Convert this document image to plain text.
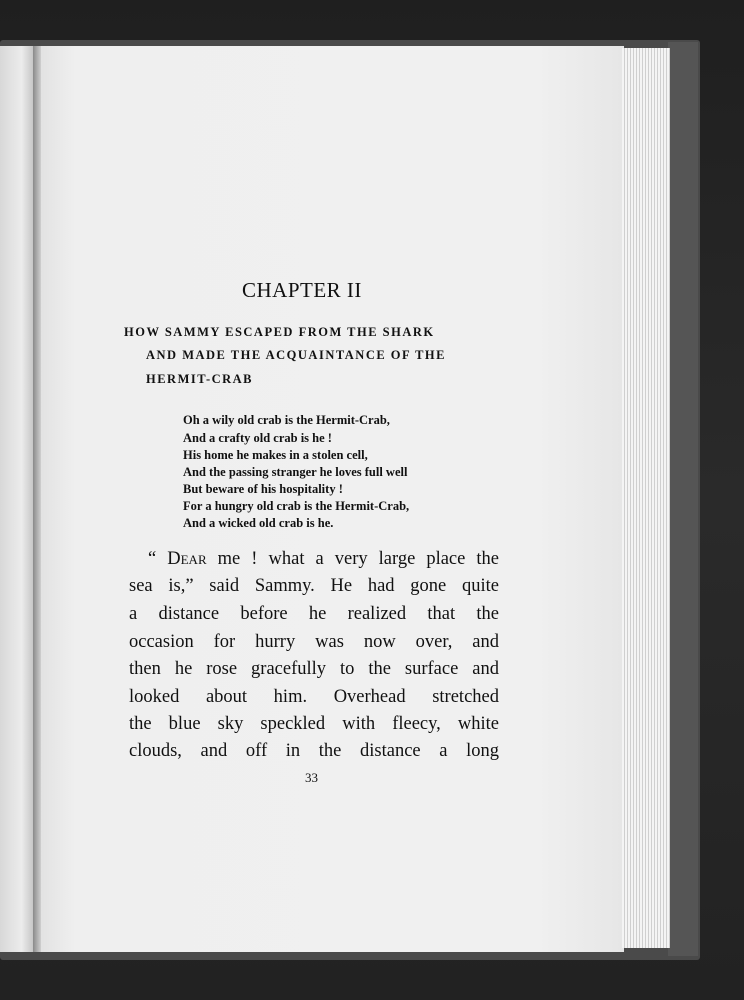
CHAPTER II
HOW SAMMY ESCAPED FROM THE SHARK
AND MADE THE ACQUAINTANCE OF THE
HERMIT-CRAB
Oh a wily old crab is the Hermit-Crab,
And a crafty old crab is he !
His home he makes in a stolen cell,
And the passing stranger he loves full well
But beware of his hospitality !
For a hungry old crab is the Hermit-Crab,
And a wicked old crab is he.
“ Dear me ! what a very large place the
sea is,” said Sammy. He had gone quite
a distance before he realized that the
occasion for hurry was now over, and
then he rose gracefully to the surface and
looked about him. Overhead stretched
the blue sky speckled with fleecy, white
clouds, and off in the distance a long
33
